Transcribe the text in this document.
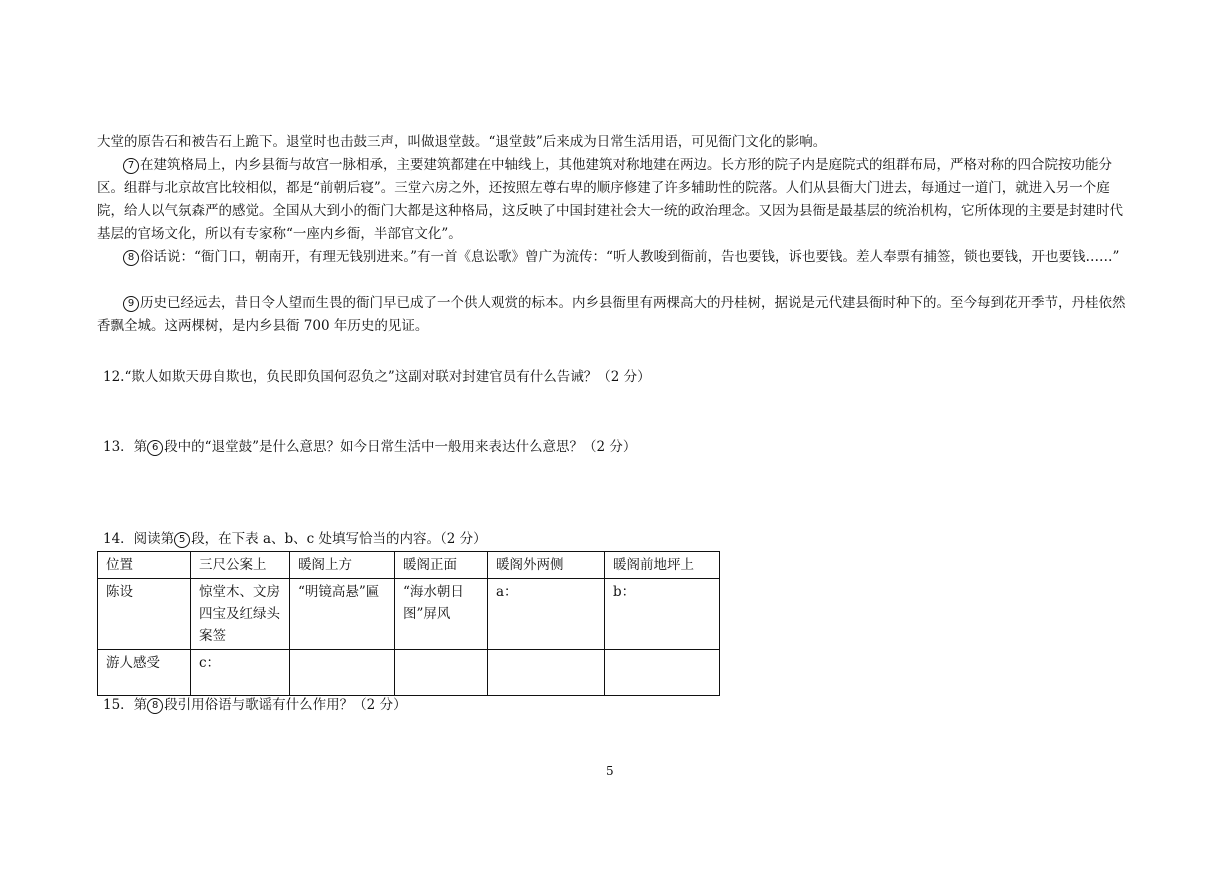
大堂的原告石和被告石上跪下。退堂时也击鼓三声，叫做退堂鼓。“退堂鼓”后来成为日常生活用语，可见衙门文化的影响。
7 在建筑格局上，内乡县衙与故宫一脉相承，主要建筑都建在中轴线上，其他建筑对称地建在两边。长方形的院子内是庭院式的组群布局，严格对称的四合院按功能分区。组群与北京故宫比较相似，都是“前朝后寝”。三堂六房之外，还按照左尊右卑的顺序修建了许多辅助性的院落。人们从县衙大门进去，每通过一道门，就进入另一个庭院，给人以气氛森严的感觉。全国从大到小的衙门大都是这种格局，这反映了中国封建社会大一统的政治理念。又因为县衙是最基层的统治机构，它所体现的主要是封建时代基层的官场文化，所以有专家称“一座内乡衙，半部官文化”。
8 俗话说：“衙门口，朝南开，有理无钱别进来。”有一首《息讼歌》曾广为流传：“听人教唆到衙前，告也要钱，诉也要钱。差人奉票有捕签，锁也要钱，开也要钱……”
9 历史已经远去，昔日令人望而生畏的衙门早已成了一个供人观赏的标本。内乡县衙里有两棵高大的丹桂树，据说是元代建县衙时种下的。至今每到花开季节，丹桂依然香飘全城。这两棵树，是内乡县衙 700 年历史的见证。
12.“欺人如欺天毋自欺也，负民即负国何忍负之”这副对联对封建官员有什么告诫？（2 分）
13．第 6 段中的“退堂鼓”是什么意思？如今日常生活中一般用来表达什么意思？（2 分）
14．阅读第 5 段，在下表 a、b、c 处填写恰当的内容。（2 分）
位置	三尺公案上	暖阁上方	暖阁正面	暖阁外两侧	暖阁前地坪上
陈设	惊堂木、文房四宝及红绿头案签	“明镜高悬”匾	“海水朝日图”屏风	a：	b：
游人感受	c：				
15．第 8 段引用俗语与歌谣有什么作用？（2 分）
5
